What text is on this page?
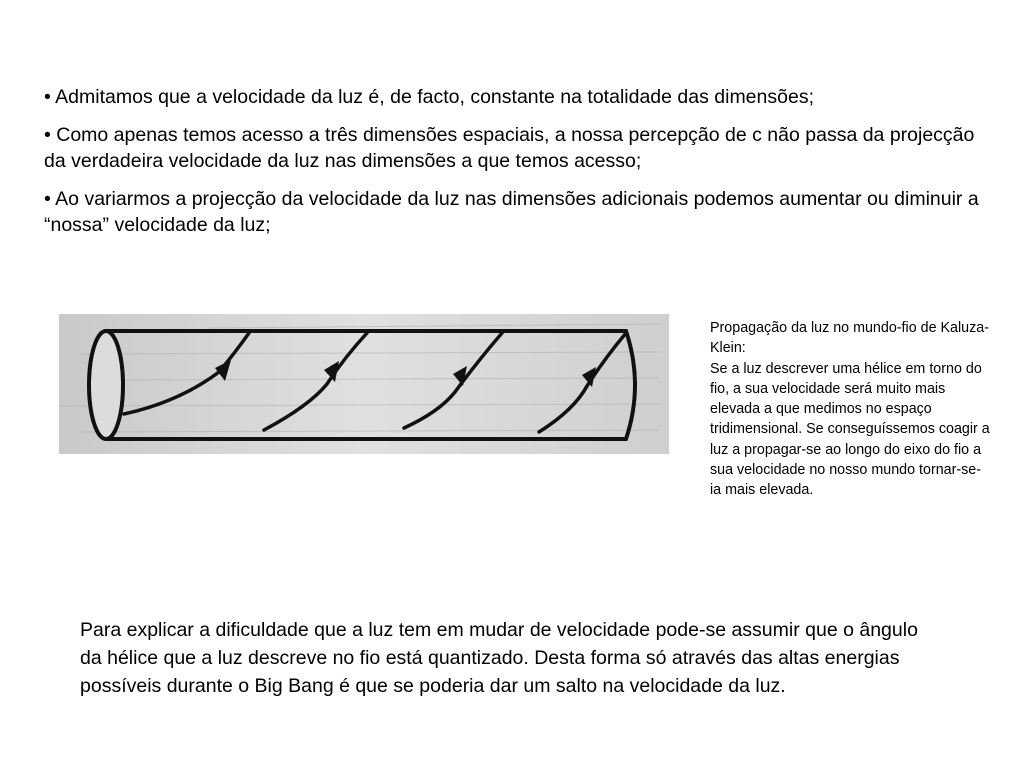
• Admitamos que a velocidade da luz é, de facto, constante na totalidade das dimensões;

• Como apenas temos acesso a três dimensões espaciais, a nossa percepção de c não passa da projecção da verdadeira velocidade da luz nas dimensões a que temos acesso;

• Ao variarmos a projecção da velocidade da luz nas dimensões adicionais podemos aumentar ou diminuir a “nossa” velocidade da luz;

Propagação da luz no mundo-fio de Kaluza-Klein:

Se a luz descrever uma hélice em torno do fio, a sua velocidade será muito mais elevada a que medimos no espaço tridimensional. Se conseguíssemos coagir a luz a propagar-se ao longo do eixo do fio a sua velocidade no nosso mundo tornar-se-ia mais elevada.

Para explicar a dificuldade que a luz tem em mudar de velocidade pode-se assumir que o ângulo da hélice que a luz descreve no fio está quantizado. Desta forma só através das altas energias possíveis durante o Big Bang é que se poderia dar um salto na velocidade da luz.
